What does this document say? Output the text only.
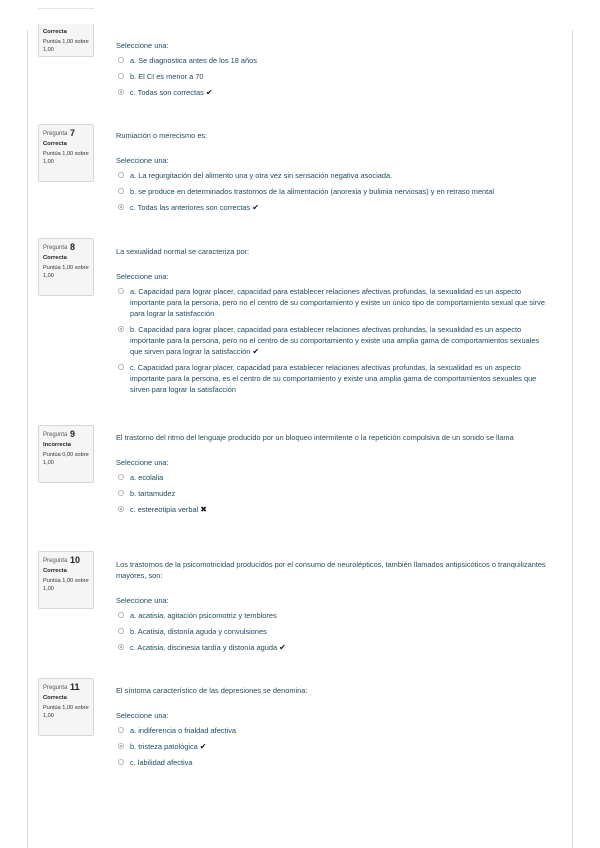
Correcta
Puntúa 1,00 sobre 1,00	Seleccione una:
a. Se diagnostica antes de los 18 años
b. El CI es menor a 70
c. Todas son correctas ✔
Pregunta 7
Correcta
Puntúa 1,00 sobre 1,00
Rumiación o merecismo es:
Seleccione una:
a. La regurgitación del alimento una y otra vez sin sensación negativa asociada.
b. se produce en determinados trastornos de la alimentación (anorexia y bulimia nerviosas) y en retraso mental
c. Todas las anteriores son correctas ✔
Pregunta 8
Correcta
Puntúa 1,00 sobre 1,00
La sexualidad normal se caracteriza por:
Seleccione una:
a. Capacidad para lograr placer, capacidad para establecer relaciones afectivas profundas, la sexualidad es un aspecto importante para la persona, pero no el centro de su comportamiento y existe un único tipo de comportamiento sexual que sirve para lograr la satisfacción
b. Capacidad para lograr placer, capacidad para establecer relaciones afectivas profundas, la sexualidad es un aspecto importante para la persona, pero no el centro de su comportamiento y existe una amplia gama de comportamientos sexuales que sirven para lograr la satisfacción ✔
c. Capacidad para lograr placer, capacidad para establecer relaciones afectivas profundas, la sexualidad es un aspecto importante para la persona, es el centro de su comportamiento y existe una amplia gama de comportamientos sexuales que sirven para lograr la satisfacción
Pregunta 9
Incorrecta
Puntúa 0,00 sobre 1,00
El trastorno del ritmo del lenguaje producido por un bloqueo intermitente o la repetición compulsiva de un sonido se llama
Seleccione una:
a. ecolalia
b. tartamudez
c. estereotipia verbal ✖
Pregunta 10
Correcta
Puntúa 1,00 sobre 1,00
Los trastornos de la psicomotricidad producidos por el consumo de neurolépticos, también llamados antipsicóticos o tranquilizantes mayores, son:
Seleccione una:
a. acatisia, agitación psicomotriz y temblores
b. Acatisia, distonía aguda y convulsiones
c. Acatisia, discinesia tardía y distonía aguda ✔
Pregunta 11
Correcta
Puntúa 1,00 sobre 1,00
El síntoma característico de las depresiones se denomina:
Seleccione una:
a. indiferencia o frialdad afectiva
b. tristeza patológica ✔
c. labilidad afectiva
